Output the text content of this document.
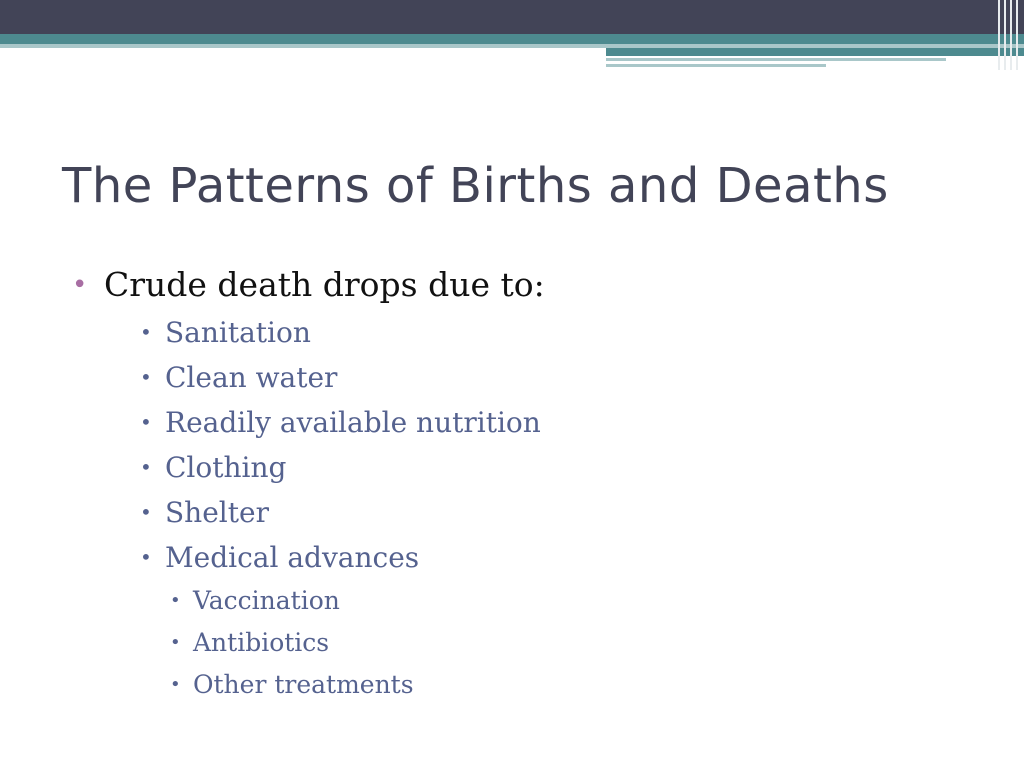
The Patterns of Births and Deaths
• Crude death drops due to:
• Sanitation
• Clean water
• Readily available nutrition
• Clothing
• Shelter
• Medical advances
• Vaccination
• Antibiotics
• Other treatments
